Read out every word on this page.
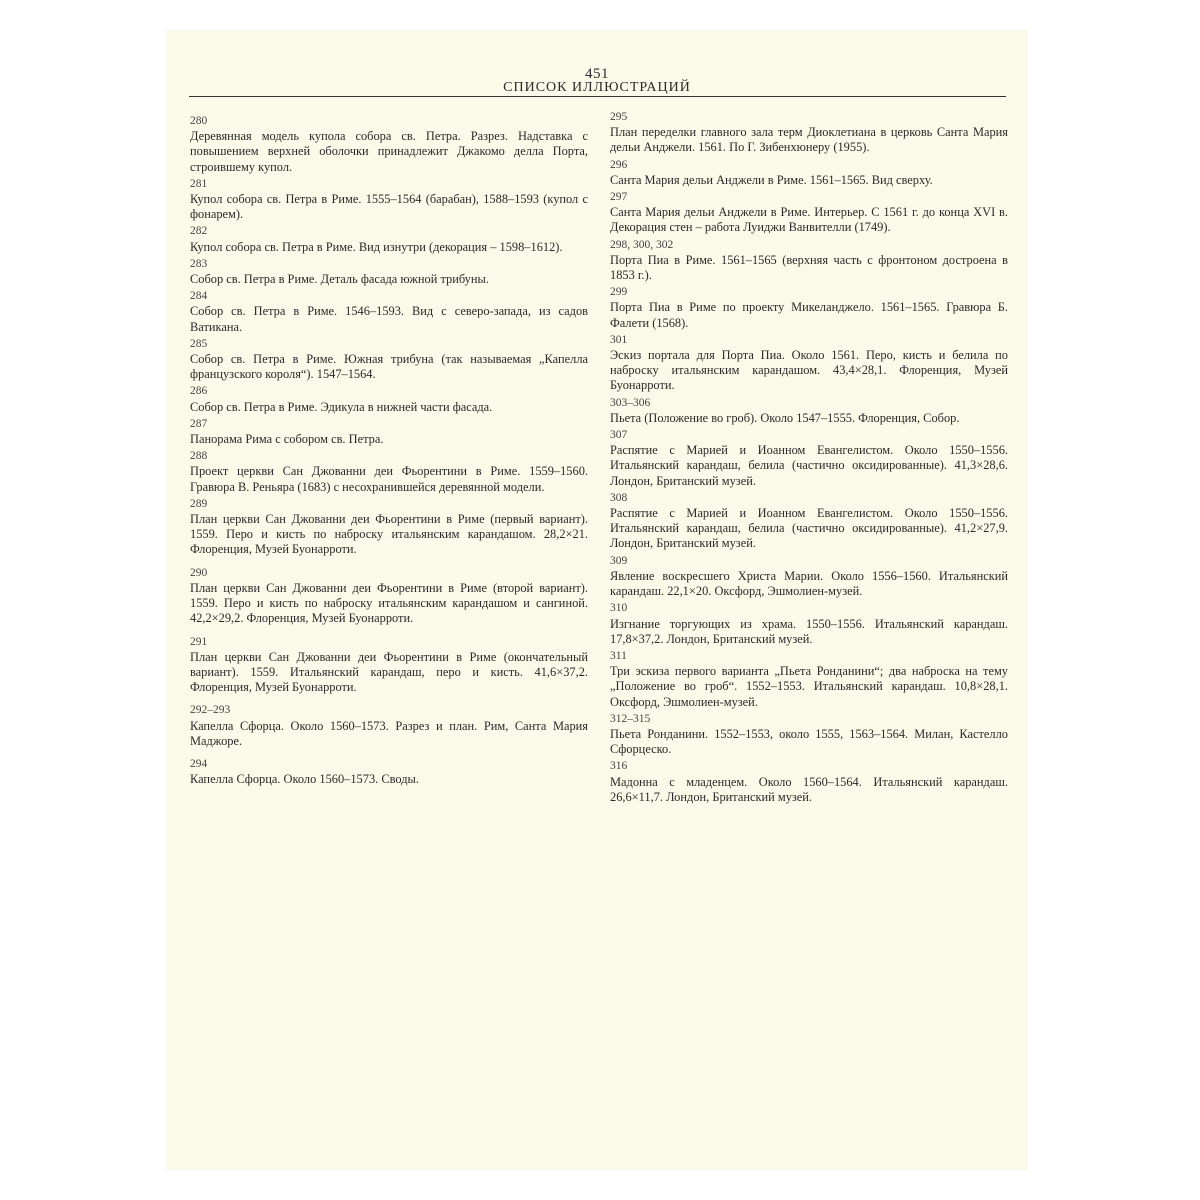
451
СПИСОК ИЛЛЮСТРАЦИЙ
280
Деревянная модель купола собора св. Петра. Разрез. Надставка с повышением верхней оболочки принадлежит Джакомо делла Порта, строившему купол.
281
Купол собора св. Петра в Риме. 1555–1564 (барабан), 1588–1593 (купол с фонарем).
282
Купол собора св. Петра в Риме. Вид изнутри (декорация – 1598–1612).
283
Собор св. Петра в Риме. Деталь фасада южной трибуны.
284
Собор св. Петра в Риме. 1546–1593. Вид с северо-запада, из садов Ватикана.
285
Собор св. Петра в Риме. Южная трибуна (так называемая „Капелла французского короля“). 1547–1564.
286
Собор св. Петра в Риме. Эдикула в нижней части фасада.
287
Панорама Рима с собором св. Петра.
288
Проект церкви Сан Джованни деи Фьорентини в Риме. 1559–1560. Гравюра В. Реньяра (1683) с несохранившейся деревянной модели.
289
План церкви Сан Джованни деи Фьорентини в Риме (первый вариант). 1559. Перо и кисть по наброску итальянским карандашом. 28,2×21. Флоренция, Музей Буонарроти.
290
План церкви Сан Джованни деи Фьорентини в Риме (второй вариант). 1559. Перо и кисть по наброску итальянским карандашом и сангиной. 42,2×29,2. Флоренция, Музей Буонарроти.
291
План церкви Сан Джованни деи Фьорентини в Риме (окончательный вариант). 1559. Итальянский карандаш, перо и кисть. 41,6×37,2. Флоренция, Музей Буонарроти.
292–293
Капелла Сфорца. Около 1560–1573. Разрез и план. Рим, Санта Мария Маджоре.
294
Капелла Сфорца. Около 1560–1573. Своды.
295
План переделки главного зала терм Диоклетиана в церковь Санта Мария дельи Анджели. 1561. По Г. Зибенхюнеру (1955).
296
Санта Мария дельи Анджели в Риме. 1561–1565. Вид сверху.
297
Санта Мария дельи Анджели в Риме. Интерьер. С 1561 г. до конца XVI в. Декорация стен – работа Луиджи Ванвителли (1749).
298, 300, 302
Порта Пиа в Риме. 1561–1565 (верхняя часть с фронтоном достроена в 1853 г.).
299
Порта Пиа в Риме по проекту Микеланджело. 1561–1565. Гравюра Б. Фалети (1568).
301
Эскиз портала для Порта Пиа. Около 1561. Перо, кисть и белила по наброску итальянским карандашом. 43,4×28,1. Флоренция, Музей Буонарроти.
303–306
Пьета (Положение во гроб). Около 1547–1555. Флоренция, Собор.
307
Распятие с Марией и Иоанном Евангелистом. Около 1550–1556. Итальянский карандаш, белила (частично оксидированные). 41,3×28,6. Лондон, Британский музей.
308
Распятие с Марией и Иоанном Евангелистом. Около 1550–1556. Итальянский карандаш, белила (частично оксидированные). 41,2×27,9. Лондон, Британский музей.
309
Явление воскресшего Христа Марии. Около 1556–1560. Итальянский карандаш. 22,1×20. Оксфорд, Эшмолиен-музей.
310
Изгнание торгующих из храма. 1550–1556. Итальянский карандаш. 17,8×37,2. Лондон, Британский музей.
311
Три эскиза первого варианта „Пьета Ронданини“; два наброска на тему „Положение во гроб“. 1552–1553. Итальянский карандаш. 10,8×28,1. Оксфорд, Эшмолиен-музей.
312–315
Пьета Ронданини. 1552–1553, около 1555, 1563–1564. Милан, Кастелло Сфорцеско.
316
Мадонна с младенцем. Около 1560–1564. Итальянский карандаш. 26,6×11,7. Лондон, Британский музей.
